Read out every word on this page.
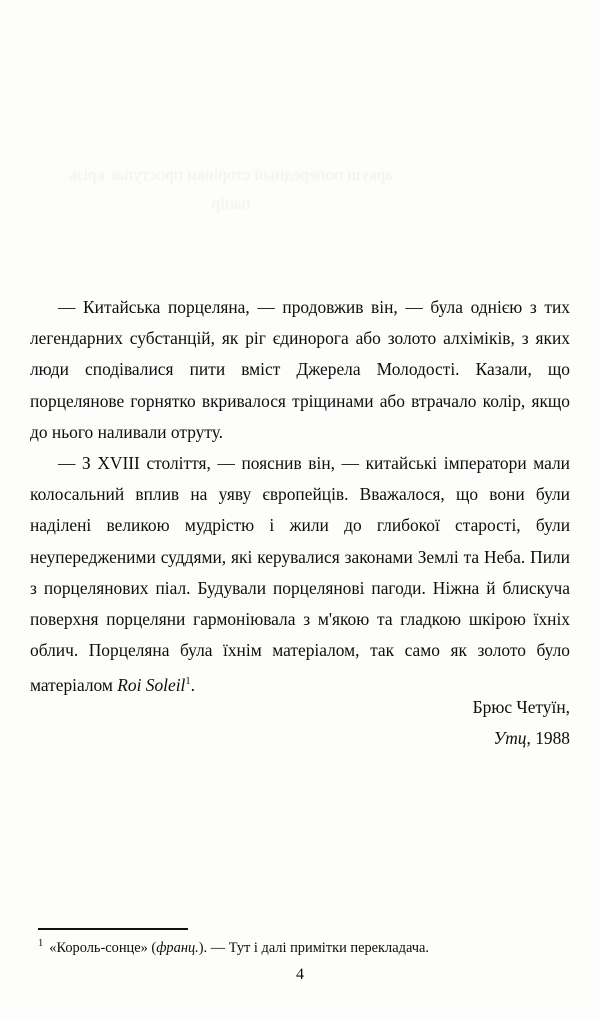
аркуш попередньої сторінки проступає крізь папір

— Китайська порцеляна, — продовжив він, — була однією з тих легендарних субстанцій, як ріг єдинорога або золото алхіміків, з яких люди сподівалися пити вміст Джерела Молодості. Казали, що порцелянове горнятко вкривалося тріщинами або втрачало колір, якщо до нього наливали отруту.

— З XVIII століття, — пояснив він, — китайські імператори мали колосальний вплив на уяву європейців. Вважалося, що вони були наділені великою мудрістю і жили до глибокої старості, були неупередженими суддями, які керувалися законами Землі та Неба. Пили з порцелянових піал. Будували порцелянові пагоди. Ніжна й блискуча поверхня порцеляни гармоніювала з м'якою та гладкою шкірою їхніх облич. Порцеляна була їхнім матеріалом, так само як золото було матеріалом Roi Soleil$^1$.

Брюс Четуїн,
Утц, 1988
$^1$ «Король-сонце» (франц.). — Тут і далі примітки перекладача.
4
